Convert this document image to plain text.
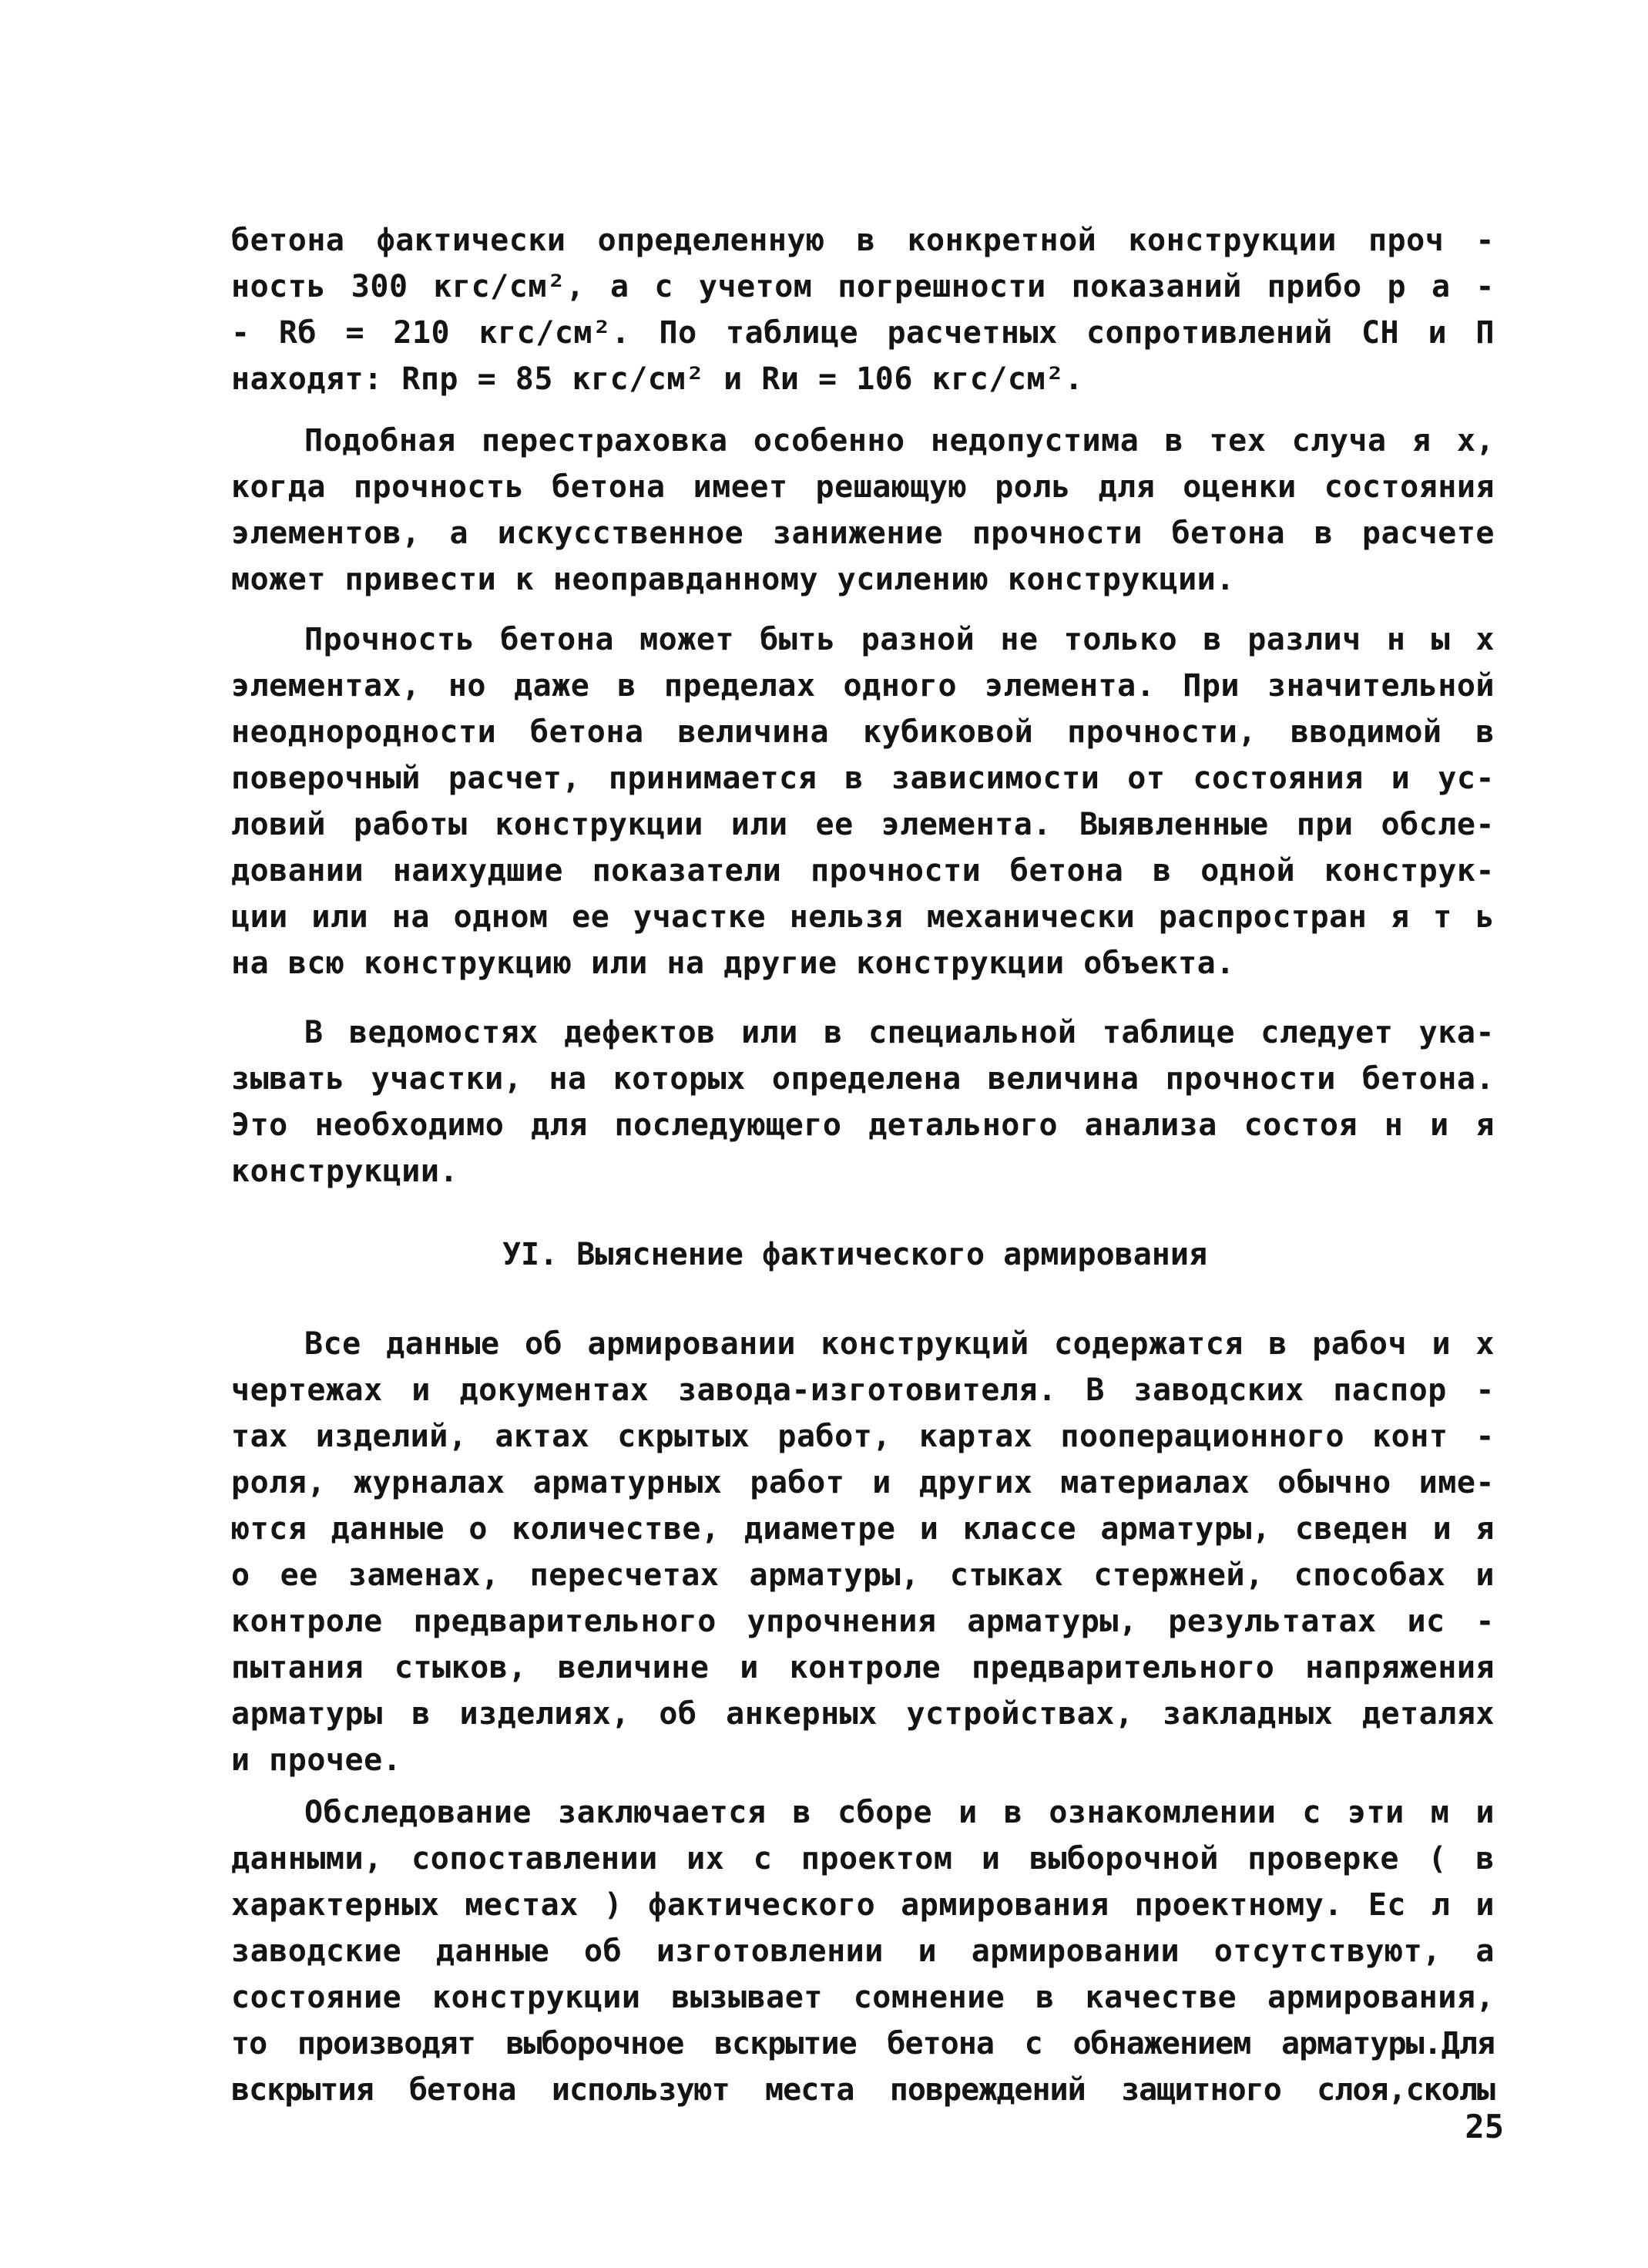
бетона фактически определенную в конкретной конструкции проч -
ность 300 кгс/см², а с учетом погрешности показаний прибо р а -
- Rб = 210 кгс/см². По таблице расчетных сопротивлений СН и П
находят: Rпр = 85 кгс/см² и Rи = 106 кгс/см².
Подобная перестраховка особенно недопустима в тех случа я х,
когда прочность бетона имеет решающую роль для оценки состояния
элементов, а искусственное занижение прочности бетона в расчете
может привести к неоправданному усилению конструкции.
Прочность бетона может быть разной не только в различ н ы х
элементах, но даже в пределах одного элемента. При значительной
неоднородности бетона величина кубиковой прочности, вводимой в
поверочный расчет, принимается в зависимости от состояния и ус-
ловий работы конструкции или ее элемента. Выявленные при обсле-
довании наихудшие показатели прочности бетона в одной конструк-
ции или на одном ее участке нельзя механически распростран я т ь
на всю конструкцию или на другие конструкции объекта.
В ведомостях дефектов или в специальной таблице следует ука-
зывать участки, на которых определена величина прочности бетона.
Это необходимо для последующего детального анализа состоя н и я
конструкции.
УI. Выяснение фактического армирования
Все данные об армировании конструкций содержатся в рабоч и х
чертежах и документах завода-изготовителя. В заводских паспор -
тах изделий, актах скрытых работ, картах пооперационного конт -
роля, журналах арматурных работ и других материалах обычно име-
ются данные о количестве, диаметре и классе арматуры, сведен и я
о ее заменах, пересчетах арматуры, стыках стержней, способах и
контроле предварительного упрочнения арматуры, результатах ис -
пытания стыков, величине и контроле предварительного напряжения
арматуры в изделиях, об анкерных устройствах, закладных деталях
и прочее.
Обследование заключается в сборе и в ознакомлении с эти м и
данными, сопоставлении их с проектом и выборочной проверке ( в
характерных местах ) фактического армирования проектному. Ес л и
заводские данные об изготовлении и армировании отсутствуют, а
состояние конструкции вызывает сомнение в качестве армирования,
то производят выборочное вскрытие бетона с обнажением арматуры.Для
вскрытия бетона используют места повреждений защитного слоя,сколы
25
